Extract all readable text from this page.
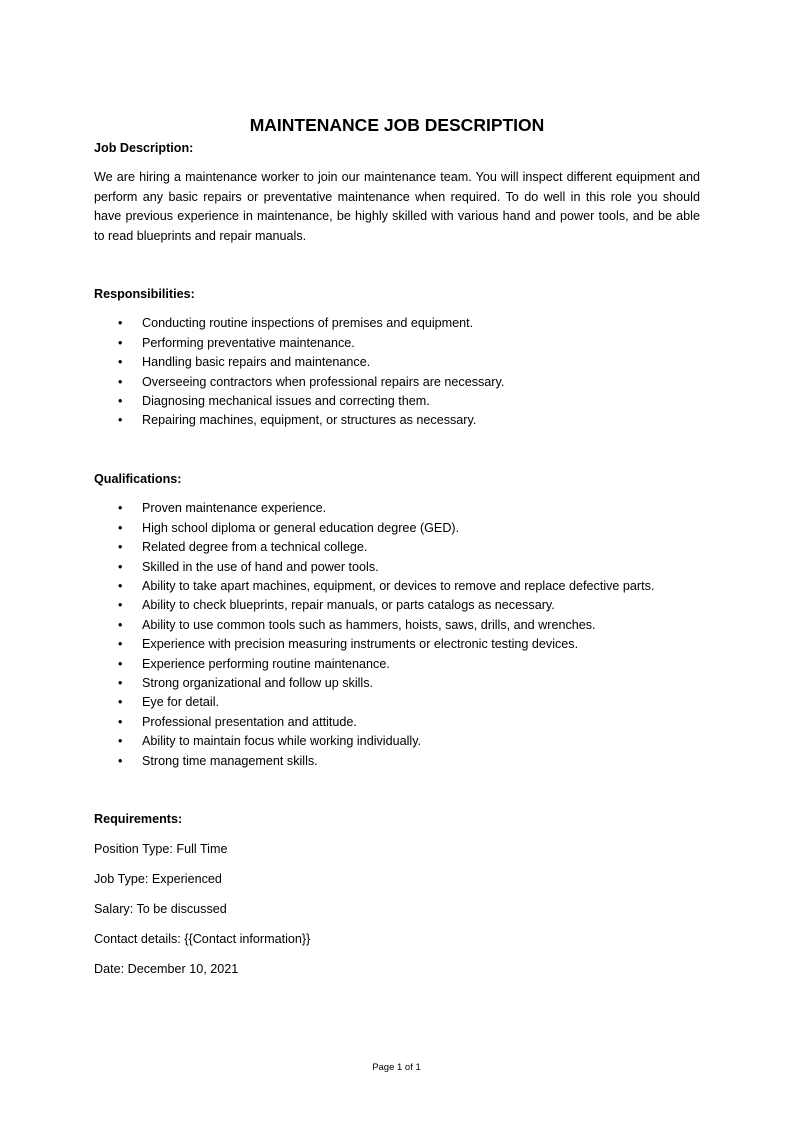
MAINTENANCE JOB DESCRIPTION

Job Description:

We are hiring a maintenance worker to join our maintenance team. You will inspect different equipment and perform any basic repairs or preventative maintenance when required. To do well in this role you should have previous experience in maintenance, be highly skilled with various hand and power tools, and be able to read blueprints and repair manuals.

Responsibilities:

• Conducting routine inspections of premises and equipment.
• Performing preventative maintenance.
• Handling basic repairs and maintenance.
• Overseeing contractors when professional repairs are necessary.
• Diagnosing mechanical issues and correcting them.
• Repairing machines, equipment, or structures as necessary.

Qualifications:

• Proven maintenance experience.
• High school diploma or general education degree (GED).
• Related degree from a technical college.
• Skilled in the use of hand and power tools.
• Ability to take apart machines, equipment, or devices to remove and replace defective parts.
• Ability to check blueprints, repair manuals, or parts catalogs as necessary.
• Ability to use common tools such as hammers, hoists, saws, drills, and wrenches.
• Experience with precision measuring instruments or electronic testing devices.
• Experience performing routine maintenance.
• Strong organizational and follow up skills.
• Eye for detail.
• Professional presentation and attitude.
• Ability to maintain focus while working individually.
• Strong time management skills.

Requirements:

Position Type: Full Time

Job Type: Experienced

Salary: To be discussed

Contact details: {{Contact information}}

Date: December 10, 2021

Page 1 of 1
